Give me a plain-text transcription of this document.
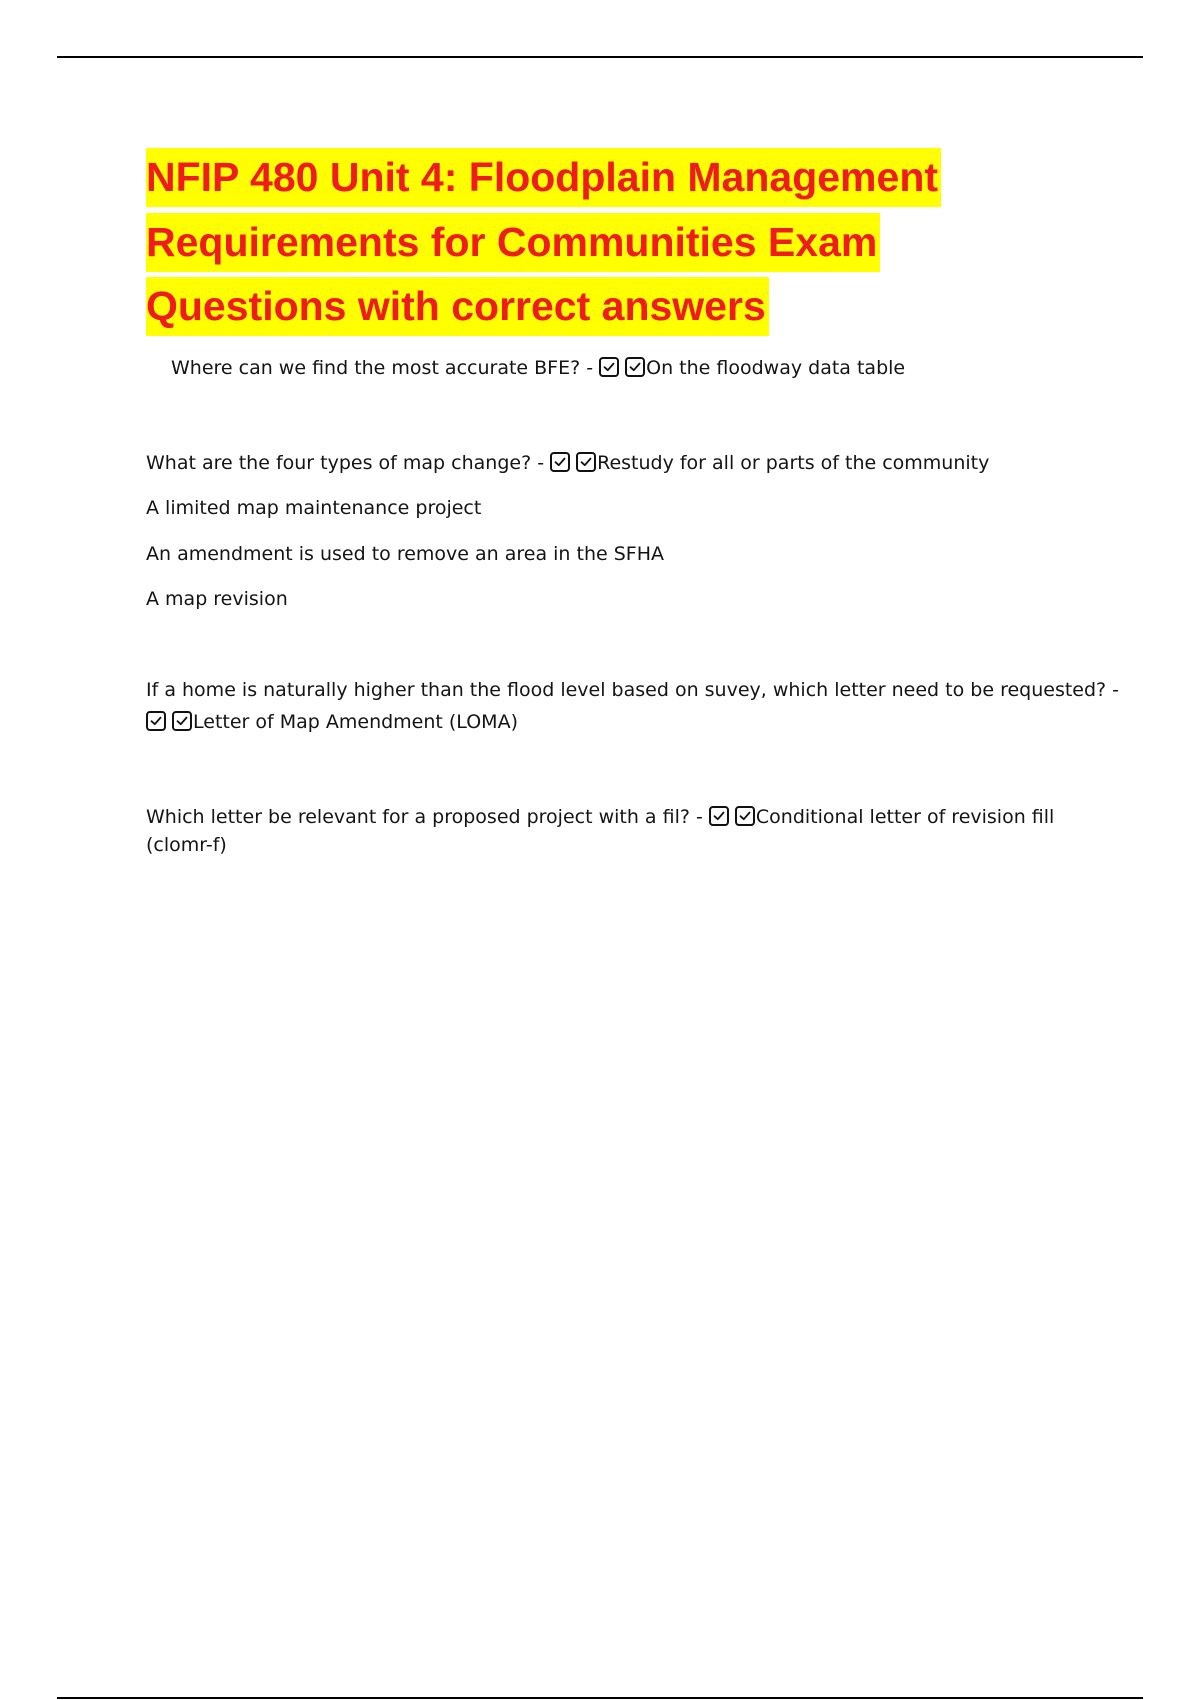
NFIP 480 Unit 4: Floodplain Management
Requirements for Communities Exam
Questions with correct answers
Where can we find the most accurate BFE? -	On the floodway data table
What are the four types of map change? -	Restudy for all or parts of the community
A limited map maintenance project
An amendment is used to remove an area in the SFHA
A map revision
If a home is naturally higher than the flood level based on suvey, which letter need to be requested? -
Letter of Map Amendment (LOMA)
Which letter be relevant for a proposed project with a fil? -	Conditional letter of revision fill
(clomr-f)
